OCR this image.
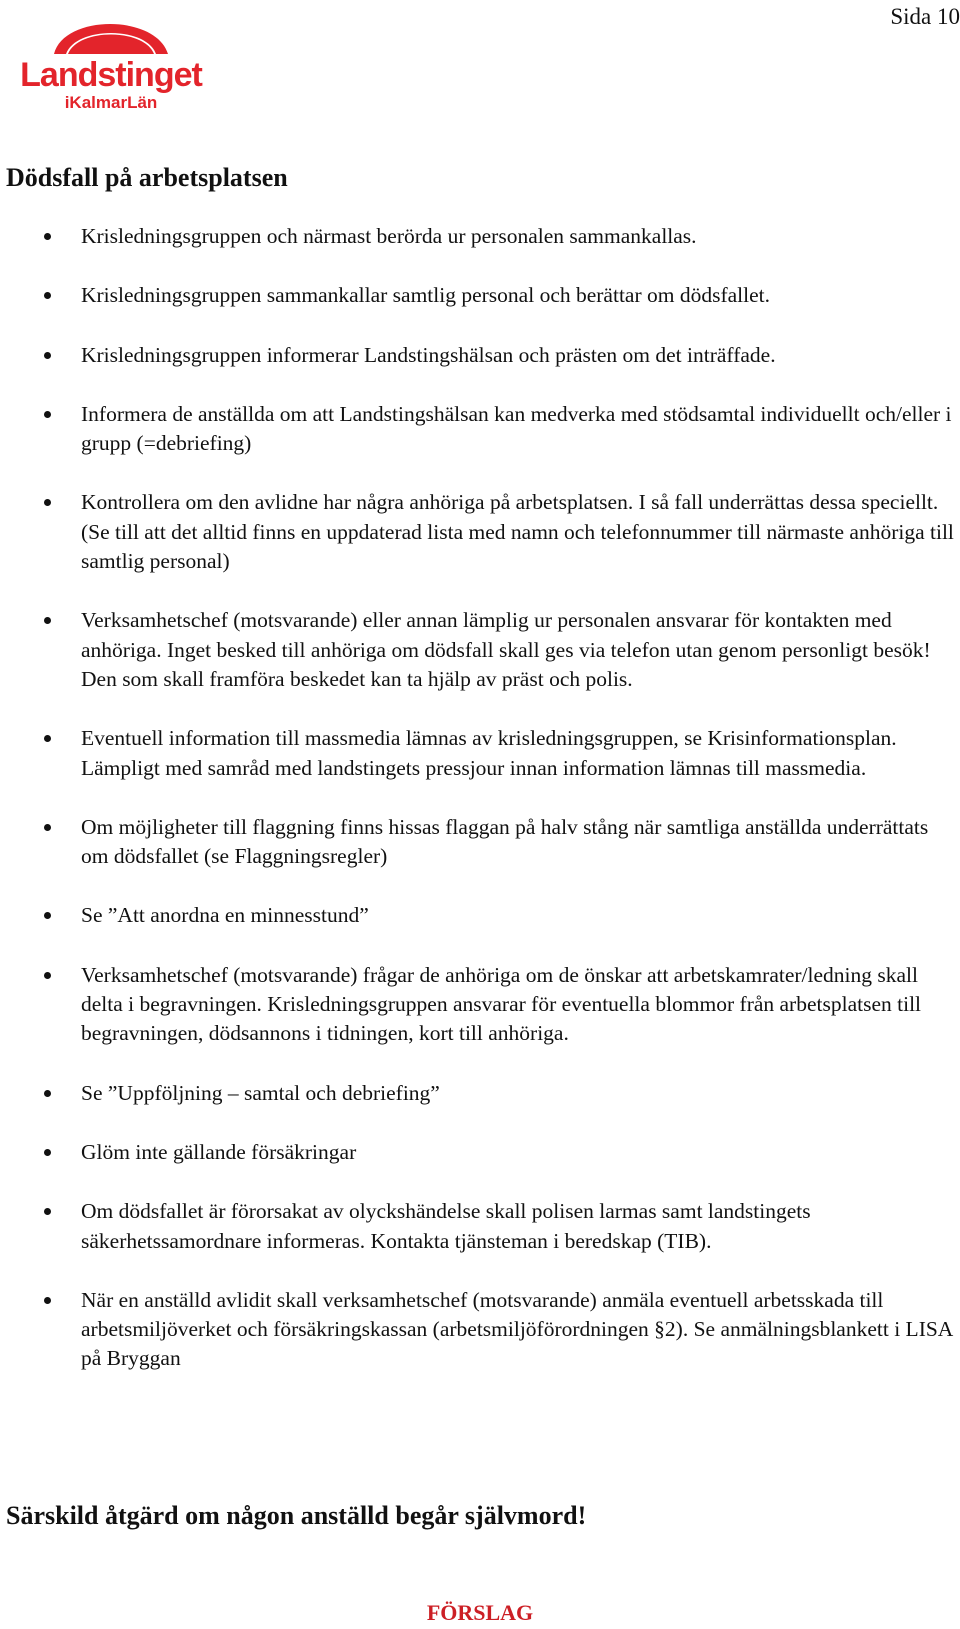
Landstinget
iKalmarLän
Sida 10
Dödsfall på arbetsplatsen
Krisledningsgruppen och närmast berörda ur personalen sammankallas.
Krisledningsgruppen sammankallar samtlig personal och berättar om dödsfallet.
Krisledningsgruppen informerar Landstingshälsan och prästen om det inträffade.
Informera de anställda om att Landstingshälsan kan medverka med stödsamtal individuellt och/eller i grupp (=debriefing)
Kontrollera om den avlidne har några anhöriga på arbetsplatsen. I så fall underrättas dessa speciellt. (Se till att det alltid finns en uppdaterad lista med namn och telefonnummer till närmaste anhöriga till samtlig personal)
Verksamhetschef (motsvarande) eller annan lämplig ur personalen ansvarar för kontakten med anhöriga. Inget besked till anhöriga om dödsfall skall ges via telefon utan genom personligt besök! Den som skall framföra beskedet kan ta hjälp av präst och polis.
Eventuell information till massmedia lämnas av krisledningsgruppen, se Krisinformationsplan. Lämpligt med samråd med landstingets pressjour innan information lämnas till massmedia.
Om möjligheter till flaggning finns hissas flaggan på halv stång när samtliga anställda underrättats om dödsfallet (se Flaggningsregler)
Se ”Att anordna en minnesstund”
Verksamhetschef (motsvarande) frågar de anhöriga om de önskar att arbetskamrater/ledning skall delta i begravningen. Krisledningsgruppen ansvarar för eventuella blommor från arbetsplatsen till begravningen, dödsannons i tidningen, kort till anhöriga.
Se ”Uppföljning – samtal och debriefing”
Glöm inte gällande försäkringar
Om dödsfallet är förorsakat av olyckshändelse skall polisen larmas samt landstingets säkerhetssamordnare informeras. Kontakta tjänsteman i beredskap (TIB).
När en anställd avlidit skall verksamhetschef (motsvarande) anmäla eventuell arbetsskada till arbetsmiljöverket och försäkringskassan (arbetsmiljöförordningen §2). Se anmälningsblankett i LISA på Bryggan
Särskild åtgärd om någon anställd begår självmord!
FÖRSLAG
